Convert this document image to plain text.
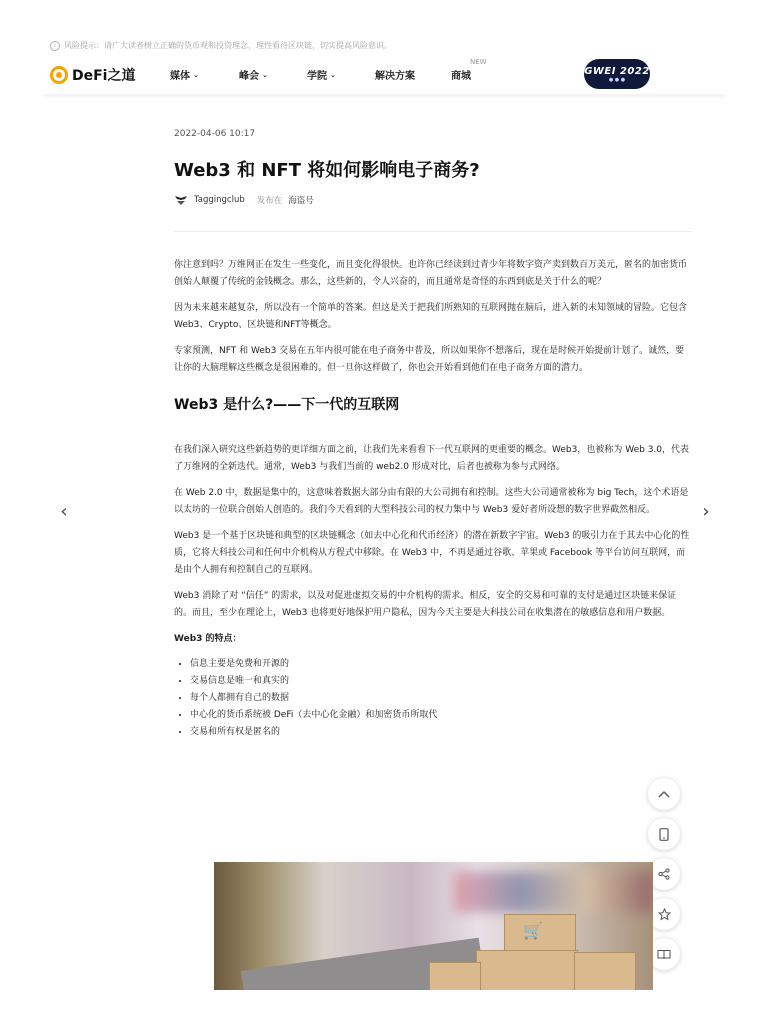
i	风险提示：请广大读者树立正确的货币观和投资理念，理性看待区块链，切实提高风险意识。
DeFi之道	媒体 ⌄	峰会 ⌄	学院 ⌄	解决方案	商城
NEW
GWEI 2022
● ● ●
2022-04-06 10:17
Web3 和 NFT 将如何影响电子商务?
Taggingclub 发布在 海盗号

你注意到吗？万维网正在发生一些变化，而且变化得很快。也许你已经读到过青少年将数字资产卖到数百万美元，匿名的加密货币创始人颠覆了传统的金钱概念。那么，这些新的，令人兴奋的，而且通常是奇怪的东西到底是关于什么的呢？

因为未来越来越复杂，所以没有一个简单的答案。但这是关于把我们所熟知的互联网抛在脑后，进入新的未知领域的冒险。它包含 Web3、Crypto、区块链和NFT等概念。

专家预测，NFT 和 Web3 交易在五年内很可能在电子商务中普及，所以如果你不想落后，现在是时候开始提前计划了。诚然，要让你的大脑理解这些概念是很困难的。但一旦你这样做了，你也会开始看到他们在电子商务方面的潜力。

Web3 是什么?——下一代的互联网

在我们深入研究这些新趋势的更详细方面之前，让我们先来看看下一代互联网的更重要的概念。Web3，也被称为 Web 3.0，代表了万维网的全新迭代。通常，Web3 与我们当前的 web2.0 形成对比，后者也被称为参与式网络。

在 Web 2.0 中，数据是集中的，这意味着数据大部分由有限的大公司拥有和控制。这些大公司通常被称为 big Tech，这个术语是以太坊的一位联合创始人创造的。我们今天看到的大型科技公司的权力集中与 Web3 爱好者所设想的数字世界截然相反。

Web3 是一个基于区块链和典型的区块链概念（如去中心化和代币经济）的潜在新数字宇宙。Web3 的吸引力在于其去中心化的性质，它将大科技公司和任何中介机构从方程式中移除。在 Web3 中，不再是通过谷歌、苹果或 Facebook 等平台访问互联网，而是由个人拥有和控制自己的互联网。

Web3 消除了对 “信任” 的需求，以及对促进虚拟交易的中介机构的需求。相反，安全的交易和可靠的支付是通过区块链来保证的。而且，至少在理论上，Web3 也将更好地保护用户隐私，因为今天主要是大科技公司在收集潜在的敏感信息和用户数据。

Web3 的特点：

• 信息主要是免费和开源的
• 交易信息是唯一和真实的
• 每个人都拥有自己的数据
• 中心化的货币系统被 DeFi（去中心化金融）和加密货币所取代
• 交易和所有权是匿名的
‹	›
🛒
